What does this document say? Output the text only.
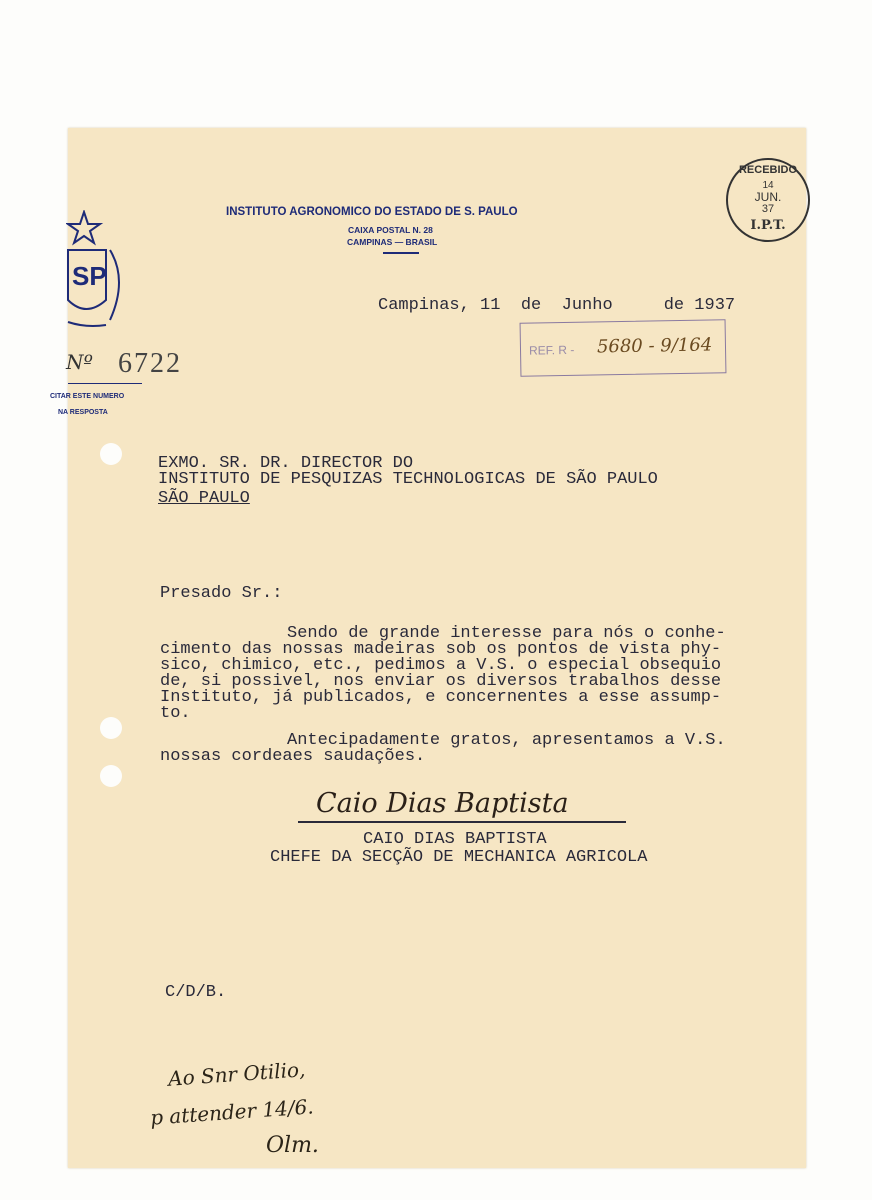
SP

INSTITUTO AGRONOMICO DO ESTADO DE S. PAULO
CAIXA POSTAL N. 28
CAMPINAS — BRASIL

RECEBIDO

14

JUN.

37

I.P.T.

Nº 6722
CITAR ESTE NUMERO
NA RESPOSTA

Campinas, 11 de Junho	de 1937

REF. R - 5680 - 9/164

EXMO. SR. DR. DIRECTOR DO
INSTITUTO DE PESQUIZAS TECHNOLOGICAS DE SÃO PAULO
SÃO PAULO
Presado Sr.:
Sendo de grande interesse para nós o conhe-
cimento das nossas madeiras sob os pontos de vista phy-
sico, chimico, etc., pedimos a V.S. o especial obsequio
de, si possivel, nos enviar os diversos trabalhos desse
Instituto, já publicados, e concernentes a esse assump-
to.
Antecipadamente gratos, apresentamos a V.S.
nossas cordeaes saudações.
Caio Dias Baptista
CAIO DIAS BAPTISTA
CHEFE DA SECÇÃO DE MECHANICA AGRICOLA
C/D/B.
Ao Snr Otilio,
p attender 14/6.
Olm.
